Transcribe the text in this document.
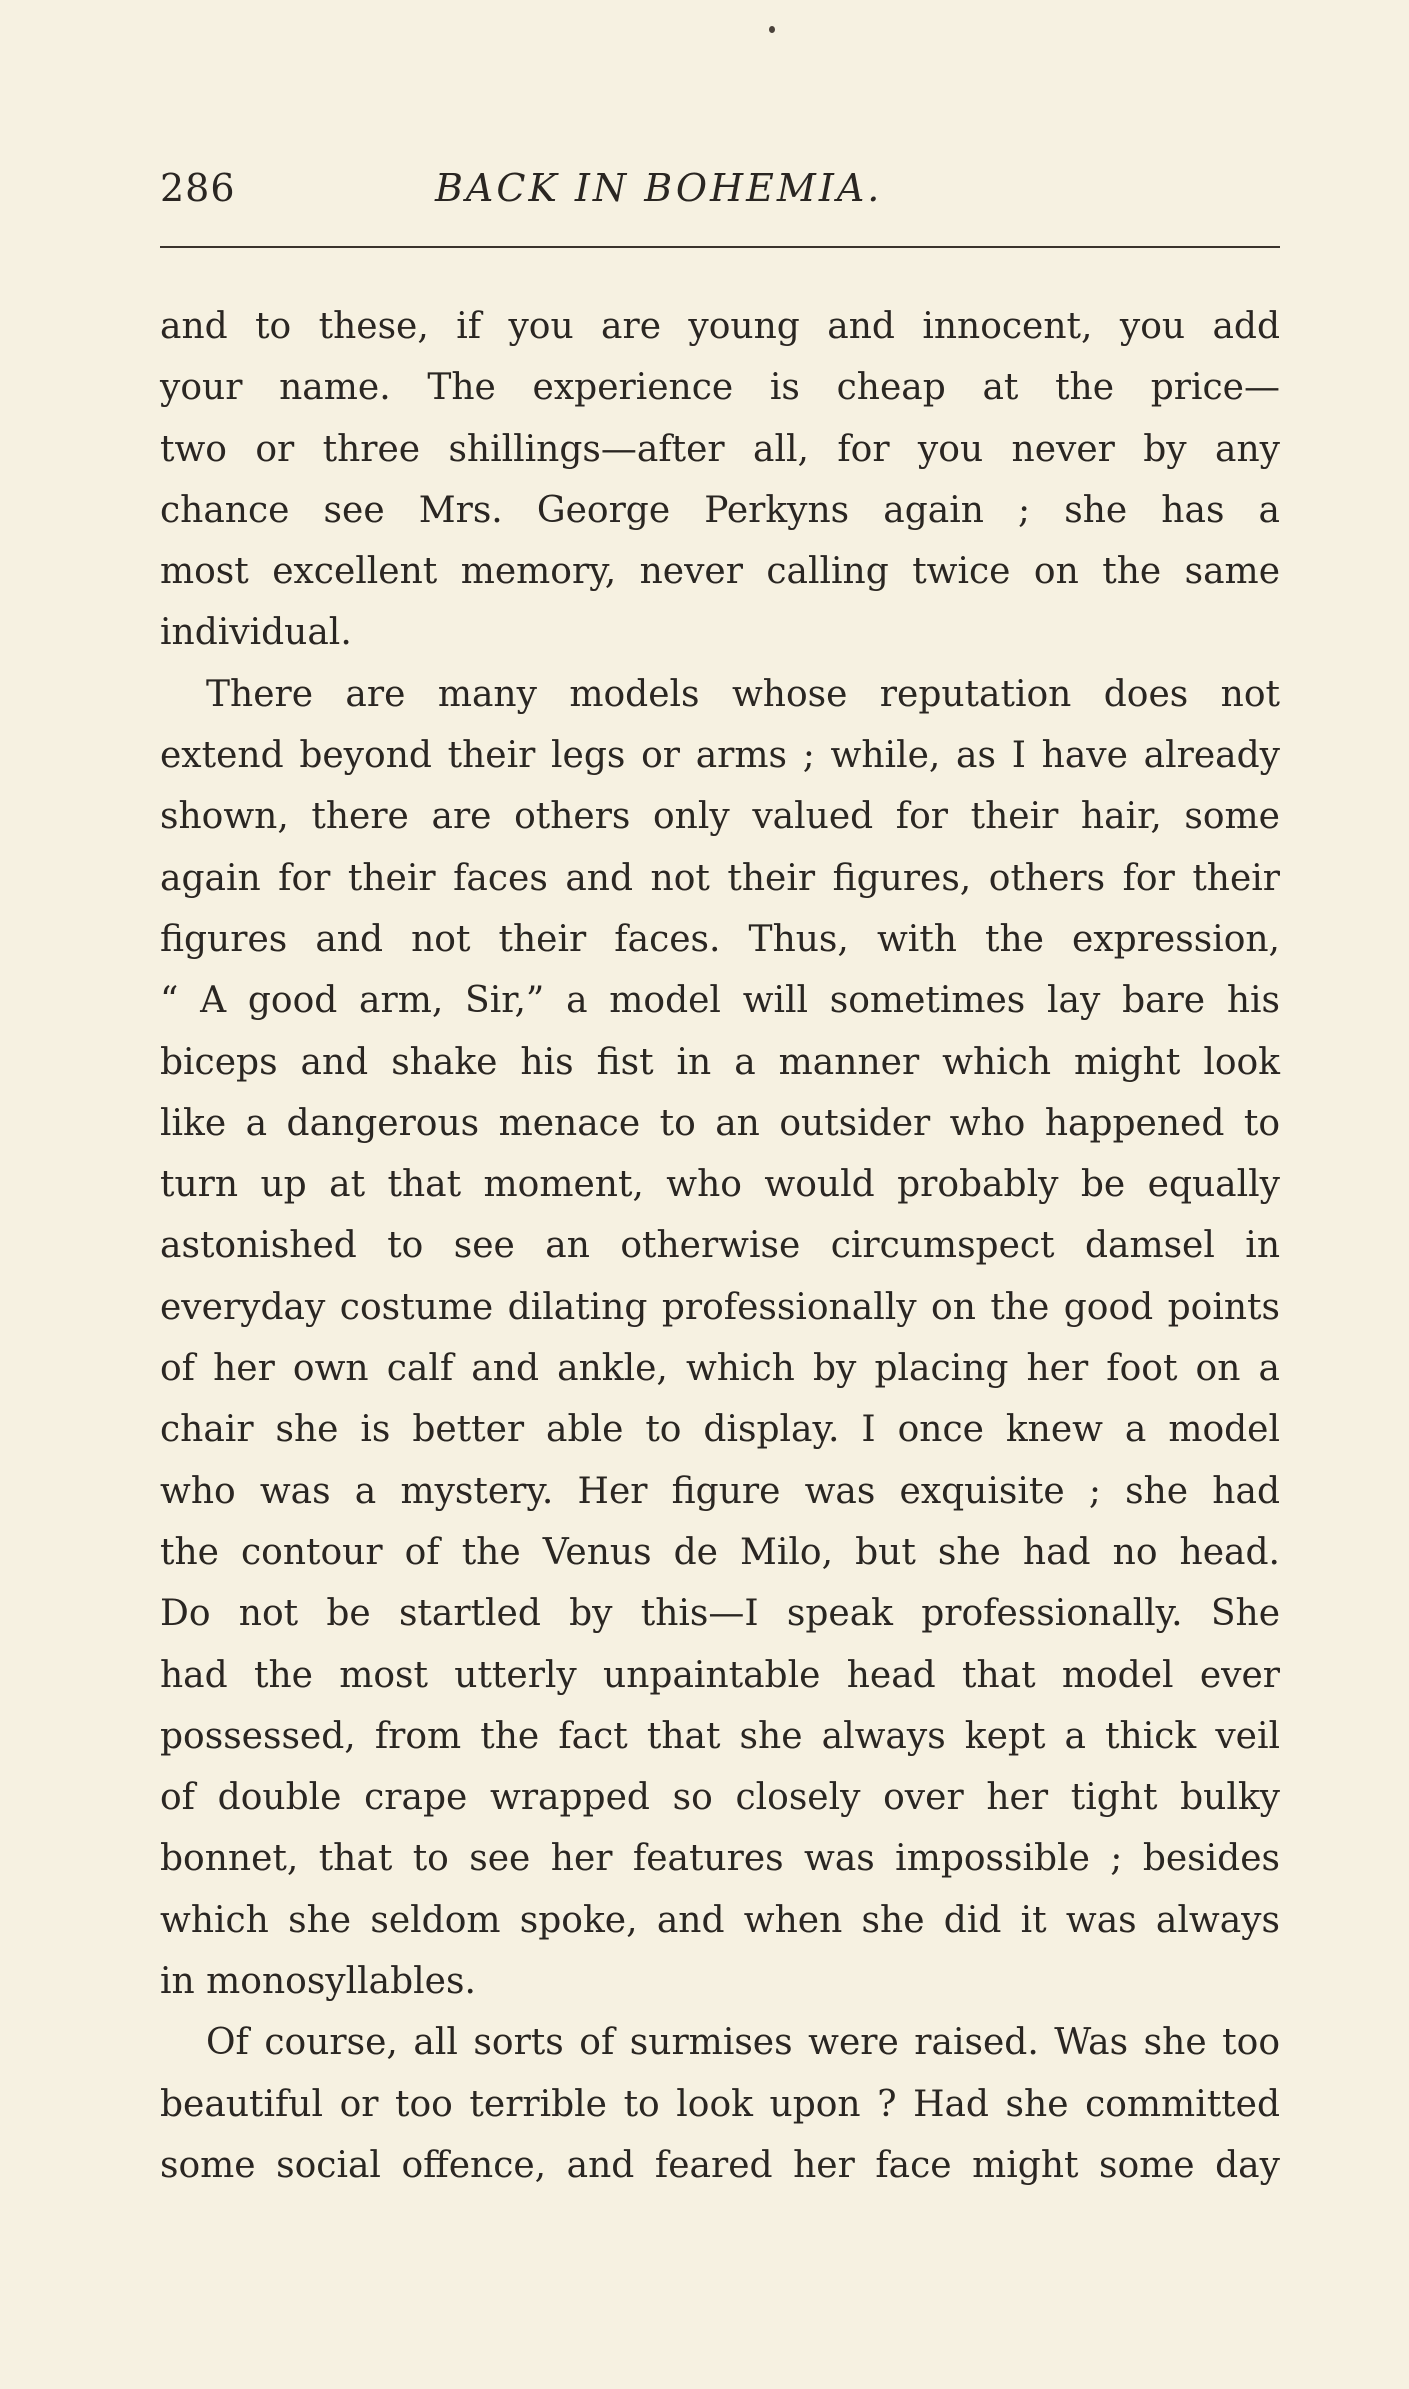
286	BACK IN BOHEMIA.
and to these, if you are young and innocent, you add
your name. The experience is cheap at the price—
two or three shillings—after all, for you never by any
chance see Mrs. George Perkyns again ; she has a
most excellent memory, never calling twice on the same
individual.
There are many models whose reputation does not
extend beyond their legs or arms ; while, as I have already
shown, there are others only valued for their hair, some
again for their faces and not their figures, others for their
figures and not their faces. Thus, with the expression,
“ A good arm, Sir,” a model will sometimes lay bare his
biceps and shake his fist in a manner which might look
like a dangerous menace to an outsider who happened to
turn up at that moment, who would probably be equally
astonished to see an otherwise circumspect damsel in
everyday costume dilating professionally on the good points
of her own calf and ankle, which by placing her foot on a
chair she is better able to display. I once knew a model
who was a mystery. Her figure was exquisite ; she had
the contour of the Venus de Milo, but she had no head.
Do not be startled by this—I speak professionally. She
had the most utterly unpaintable head that model ever
possessed, from the fact that she always kept a thick veil
of double crape wrapped so closely over her tight bulky
bonnet, that to see her features was impossible ; besides
which she seldom spoke, and when she did it was always
in monosyllables.
Of course, all sorts of surmises were raised. Was she too
beautiful or too terrible to look upon ? Had she committed
some social offence, and feared her face might some day
